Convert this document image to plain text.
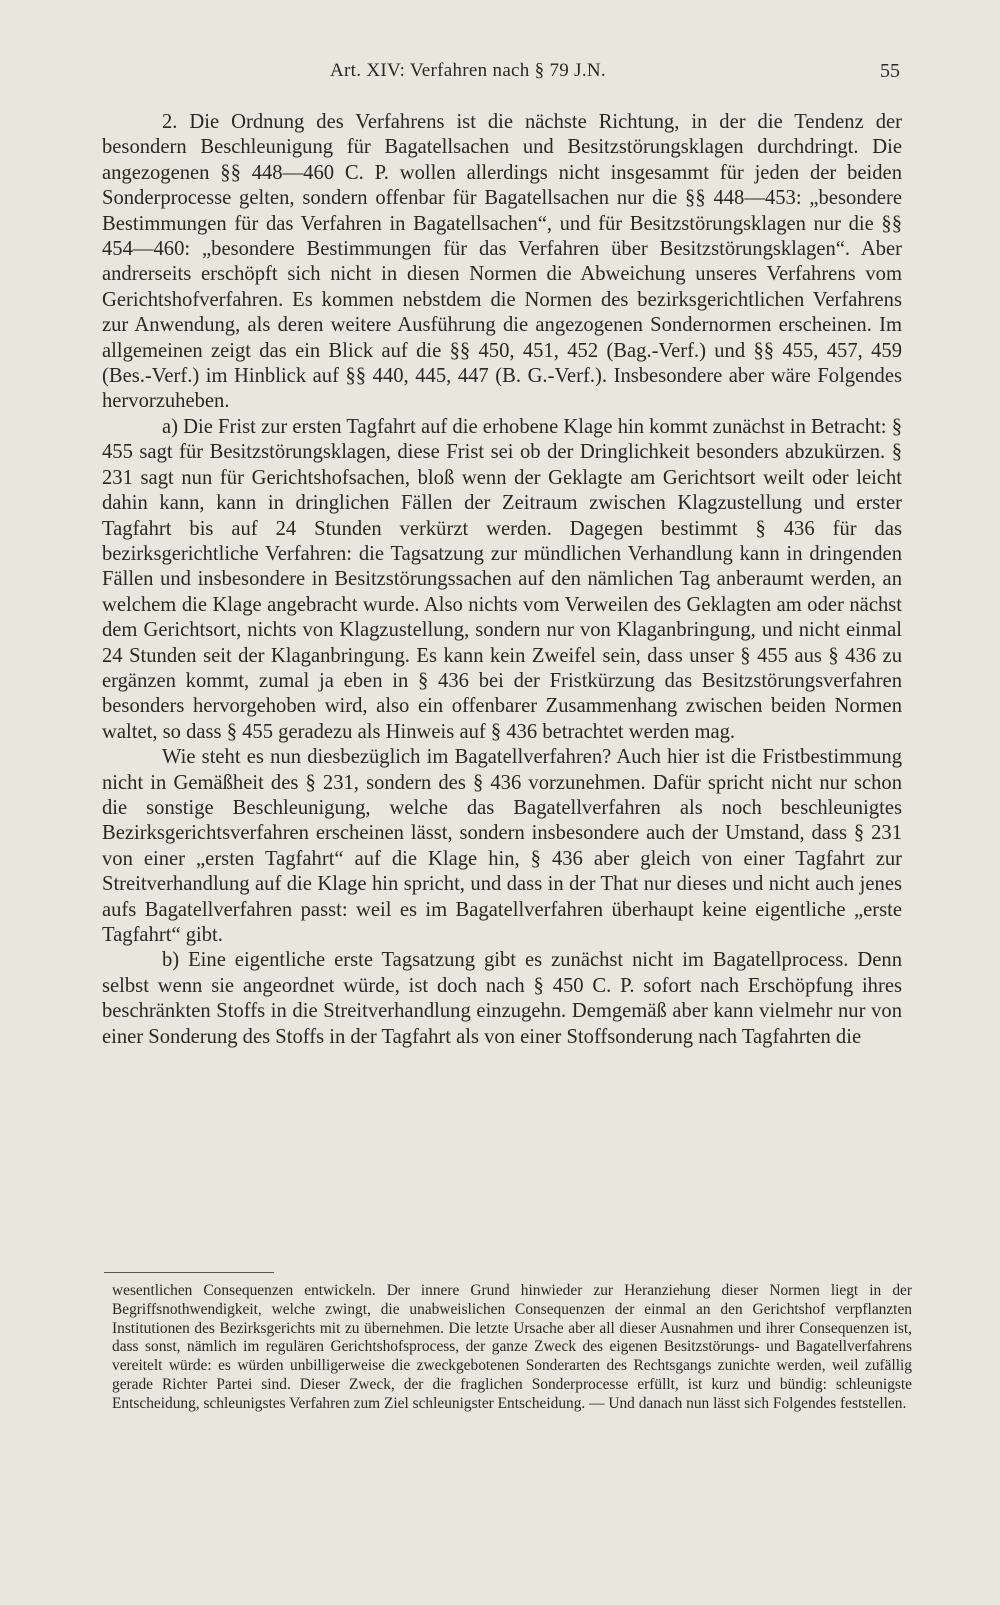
Art. XIV: Verfahren nach § 79 J.N.	55

2. Die Ordnung des Verfahrens ist die nächste Richtung, in der die Tendenz der besondern Beschleunigung für Bagatellsachen und Besitzstörungsklagen durchdringt. Die angezogenen §§ 448—460 C. P. wollen allerdings nicht insgesammt für jeden der beiden Sonderprocesse gelten, sondern offenbar für Bagatellsachen nur die §§ 448—453: „besondere Bestimmungen für das Verfahren in Bagatellsachen“, und für Besitzstörungsklagen nur die §§ 454—460: „besondere Bestimmungen für das Verfahren über Besitzstörungsklagen“. Aber andrerseits erschöpft sich nicht in diesen Normen die Abweichung unseres Verfahrens vom Gerichtshofverfahren. Es kommen nebstdem die Normen des bezirksgerichtlichen Verfahrens zur Anwendung, als deren weitere Ausführung die angezogenen Sondernormen erscheinen. Im allgemeinen zeigt das ein Blick auf die §§ 450, 451, 452 (Bag.-Verf.) und §§ 455, 457, 459 (Bes.-Verf.) im Hinblick auf §§ 440, 445, 447 (B. G.-Verf.). Insbesondere aber wäre Folgendes hervorzuheben.

a) Die Frist zur ersten Tagfahrt auf die erhobene Klage hin kommt zunächst in Betracht: § 455 sagt für Besitzstörungsklagen, diese Frist sei ob der Dringlichkeit besonders abzukürzen. § 231 sagt nun für Gerichtshofsachen, bloß wenn der Geklagte am Gerichtsort weilt oder leicht dahin kann, kann in dringlichen Fällen der Zeitraum zwischen Klagzustellung und erster Tagfahrt bis auf 24 Stunden verkürzt werden. Dagegen bestimmt § 436 für das bezirksgerichtliche Verfahren: die Tagsatzung zur mündlichen Verhandlung kann in dringenden Fällen und insbesondere in Besitzstörungssachen auf den nämlichen Tag anberaumt werden, an welchem die Klage angebracht wurde. Also nichts vom Verweilen des Geklagten am oder nächst dem Gerichtsort, nichts von Klagzustellung, sondern nur von Klaganbringung, und nicht einmal 24 Stunden seit der Klaganbringung. Es kann kein Zweifel sein, dass unser § 455 aus § 436 zu ergänzen kommt, zumal ja eben in § 436 bei der Fristkürzung das Besitzstörungsverfahren besonders hervorgehoben wird, also ein offenbarer Zusammenhang zwischen beiden Normen waltet, so dass § 455 geradezu als Hinweis auf § 436 betrachtet werden mag.

Wie steht es nun diesbezüglich im Bagatellverfahren? Auch hier ist die Fristbestimmung nicht in Gemäßheit des § 231, sondern des § 436 vorzunehmen. Dafür spricht nicht nur schon die sonstige Beschleunigung, welche das Bagatellverfahren als noch beschleunigtes Bezirksgerichtsverfahren erscheinen lässt, sondern insbesondere auch der Umstand, dass § 231 von einer „ersten Tagfahrt“ auf die Klage hin, § 436 aber gleich von einer Tagfahrt zur Streitverhandlung auf die Klage hin spricht, und dass in der That nur dieses und nicht auch jenes aufs Bagatellverfahren passt: weil es im Bagatellverfahren überhaupt keine eigentliche „erste Tagfahrt“ gibt.

b) Eine eigentliche erste Tagsatzung gibt es zunächst nicht im Bagatellprocess. Denn selbst wenn sie angeordnet würde, ist doch nach § 450 C. P. sofort nach Erschöpfung ihres beschränkten Stoffs in die Streitverhandlung einzugehn. Demgemäß aber kann vielmehr nur von einer Sonderung des Stoffs in der Tagfahrt als von einer Stoffsonderung nach Tagfahrten die

wesentlichen Consequenzen entwickeln. Der innere Grund hinwieder zur Heranziehung dieser Normen liegt in der Begriffsnothwendigkeit, welche zwingt, die unabweislichen Consequenzen der einmal an den Gerichtshof verpflanzten Institutionen des Bezirksgerichts mit zu übernehmen. Die letzte Ursache aber all dieser Ausnahmen und ihrer Consequenzen ist, dass sonst, nämlich im regulären Gerichtshofsprocess, der ganze Zweck des eigenen Besitzstörungs- und Bagatellverfahrens vereitelt würde: es würden unbilligerweise die zweckgebotenen Sonderarten des Rechtsgangs zunichte werden, weil zufällig gerade Richter Partei sind. Dieser Zweck, der die fraglichen Sonderprocesse erfüllt, ist kurz und bündig: schleunigste Entscheidung, schleunigstes Verfahren zum Ziel schleunigster Entscheidung. — Und danach nun lässt sich Folgendes feststellen.
